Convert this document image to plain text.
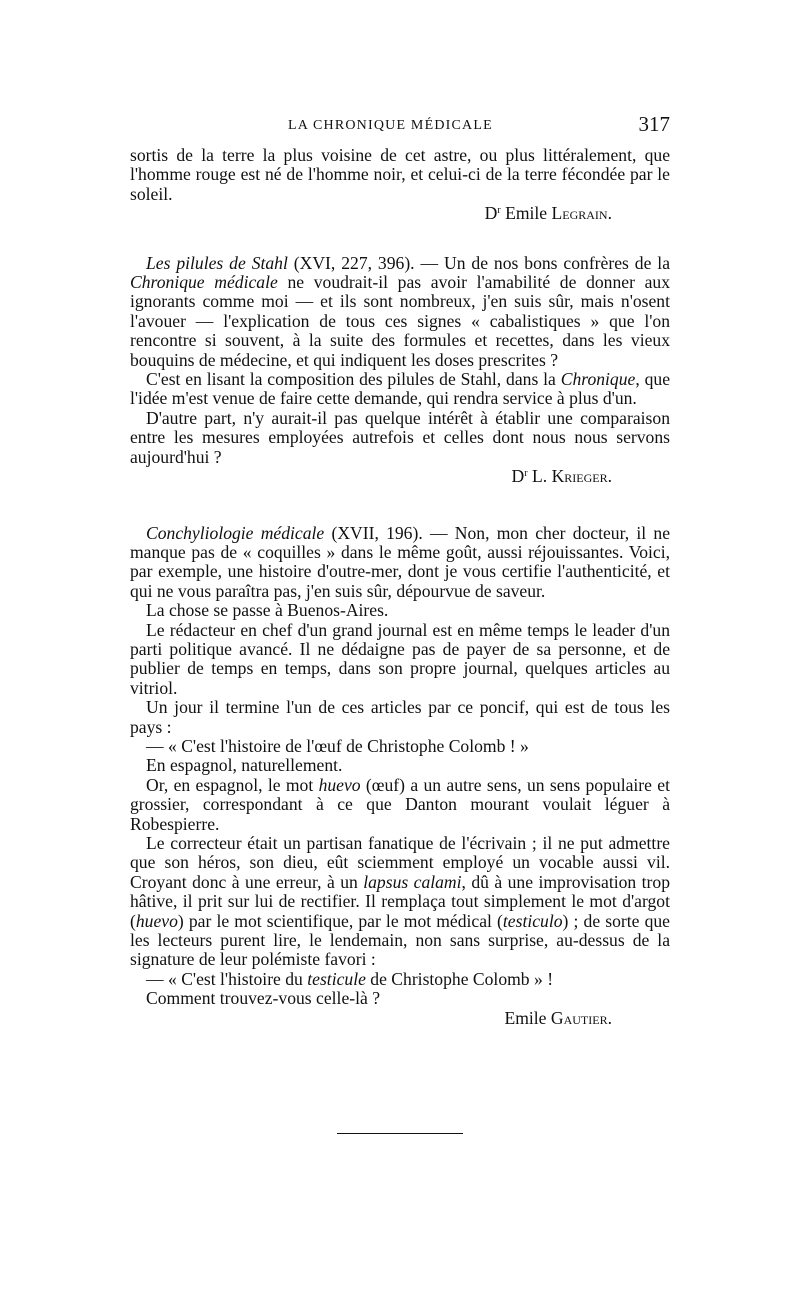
LA CHRONIQUE MÉDICALE	317

sortis de la terre la plus voisine de cet astre, ou plus littéralement, que l'homme rouge est né de l'homme noir, et celui-ci de la terre fécondée par le soleil.

$D^r$ Emile Legrain.

Les pilules de Stahl (XVI, 227, 396). — Un de nos bons confrères de la Chronique médicale ne voudrait-il pas avoir l'amabilité de donner aux ignorants comme moi — et ils sont nombreux, j'en suis sûr, mais n'osent l'avouer — l'explication de tous ces signes « cabalistiques » que l'on rencontre si souvent, à la suite des formules et recettes, dans les vieux bouquins de médecine, et qui indiquent les doses prescrites ?

C'est en lisant la composition des pilules de Stahl, dans la Chronique, que l'idée m'est venue de faire cette demande, qui rendra service à plus d'un.

D'autre part, n'y aurait-il pas quelque intérêt à établir une comparaison entre les mesures employées autrefois et celles dont nous nous servons aujourd'hui ?

$D^r$ L. Krieger.

Conchyliologie médicale (XVII, 196). — Non, mon cher docteur, il ne manque pas de « coquilles » dans le même goût, aussi réjouissantes. Voici, par exemple, une histoire d'outre-mer, dont je vous certifie l'authenticité, et qui ne vous paraîtra pas, j'en suis sûr, dépourvue de saveur.

La chose se passe à Buenos-Aires.

Le rédacteur en chef d'un grand journal est en même temps le leader d'un parti politique avancé. Il ne dédaigne pas de payer de sa personne, et de publier de temps en temps, dans son propre journal, quelques articles au vitriol.

Un jour il termine l'un de ces articles par ce poncif, qui est de tous les pays :

— « C'est l'histoire de l'œuf de Christophe Colomb ! »

En espagnol, naturellement.

Or, en espagnol, le mot huevo (œuf) a un autre sens, un sens populaire et grossier, correspondant à ce que Danton mourant voulait léguer à Robespierre.

Le correcteur était un partisan fanatique de l'écrivain ; il ne put admettre que son héros, son dieu, eût sciemment employé un vocable aussi vil. Croyant donc à une erreur, à un lapsus calami, dû à une improvisation trop hâtive, il prit sur lui de rectifier. Il remplaça tout simplement le mot d'argot (huevo) par le mot scientifique, par le mot médical (testiculo) ; de sorte que les lecteurs purent lire, le lendemain, non sans surprise, au-dessus de la signature de leur polémiste favori :

— « C'est l'histoire du testicule de Christophe Colomb » !

Comment trouvez-vous celle-là ?

Emile Gautier.
